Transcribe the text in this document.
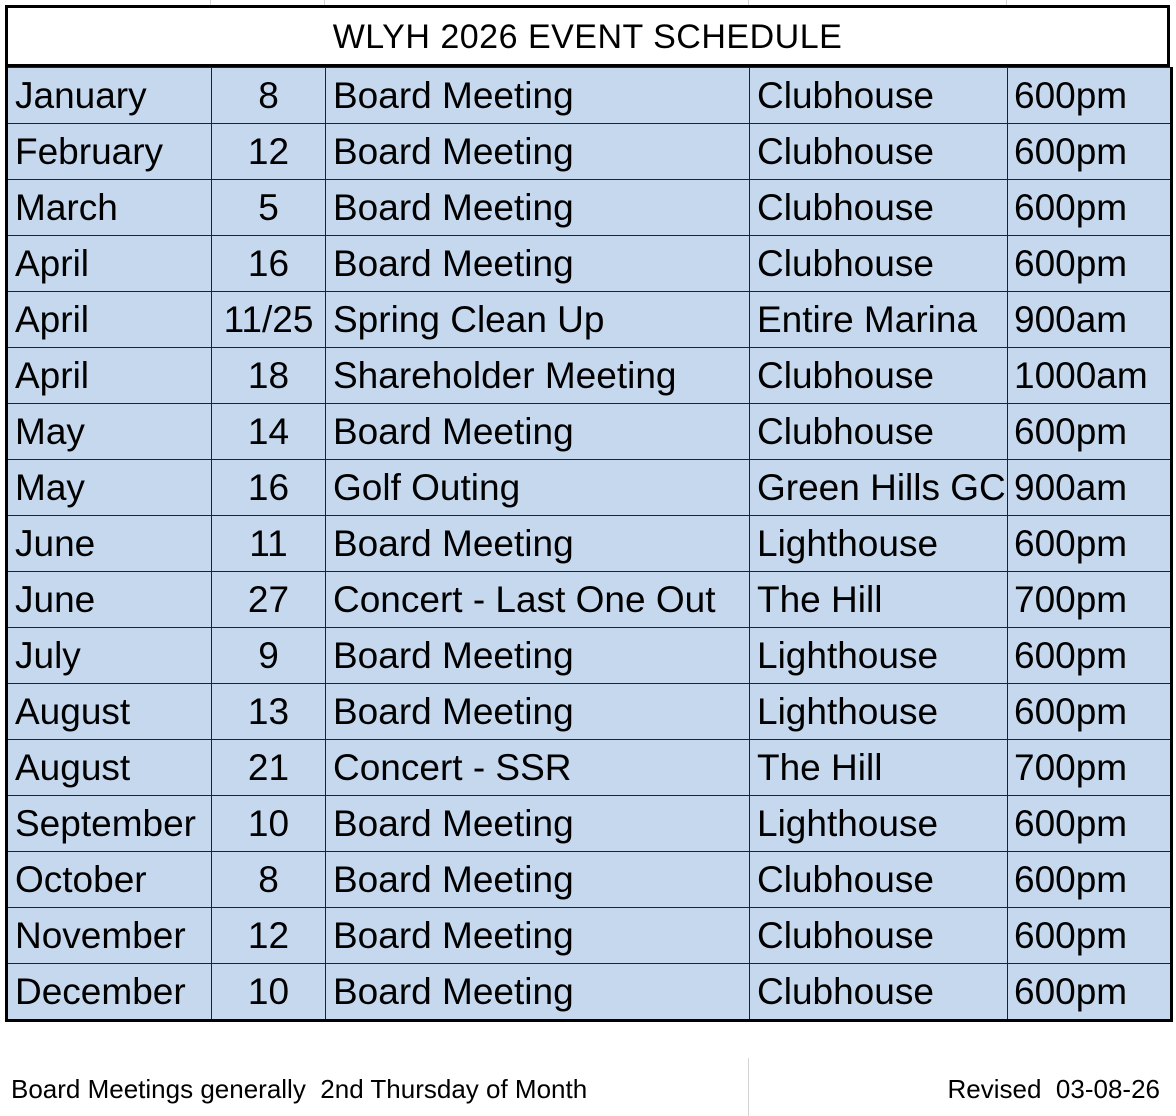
WLYH 2026 EVENT SCHEDULE
January	8	Board Meeting	Clubhouse	600pm
February	12	Board Meeting	Clubhouse	600pm
March	5	Board Meeting	Clubhouse	600pm
April	16	Board Meeting	Clubhouse	600pm
April	11/25	Spring Clean Up	Entire Marina	900am
April	18	Shareholder Meeting	Clubhouse	1000am
May	14	Board Meeting	Clubhouse	600pm
May	16	Golf Outing	Green Hills GC	900am
June	11	Board Meeting	Lighthouse	600pm
June	27	Concert - Last One Out	The Hill	700pm
July	9	Board Meeting	Lighthouse	600pm
August	13	Board Meeting	Lighthouse	600pm
August	21	Concert - SSR	The Hill	700pm
September	10	Board Meeting	Lighthouse	600pm
October	8	Board Meeting	Clubhouse	600pm
November	12	Board Meeting	Clubhouse	600pm
December	10	Board Meeting	Clubhouse	600pm
Board Meetings generally  2nd Thursday of Month	Revised  03-08-26
